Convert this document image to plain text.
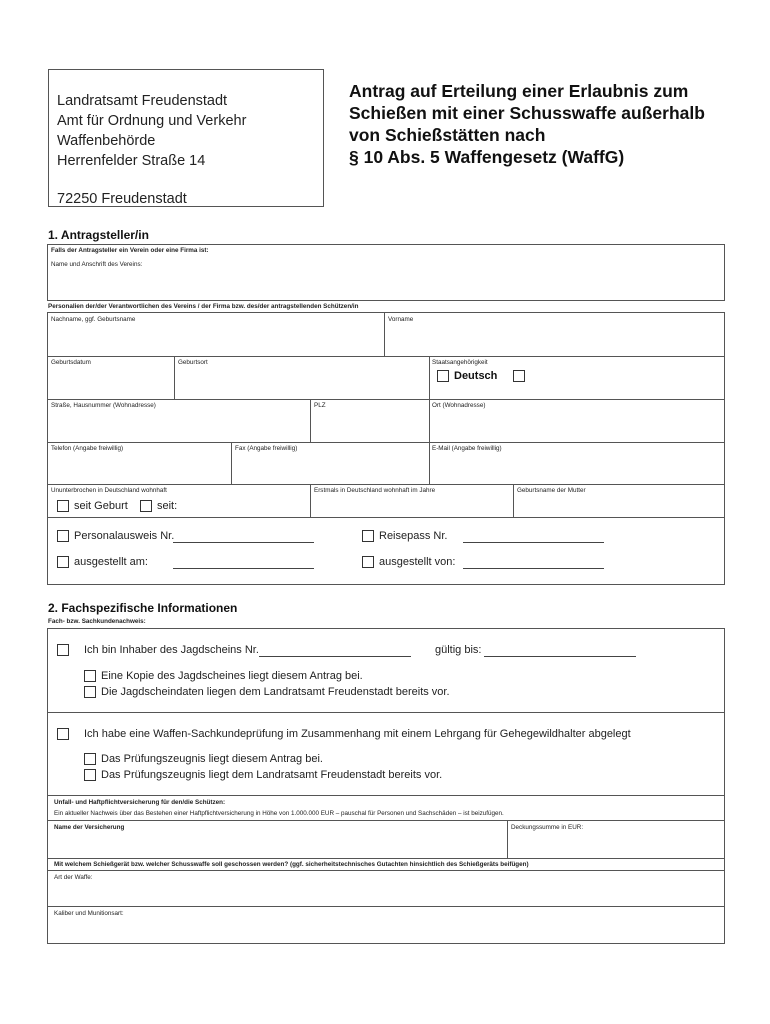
Landratsamt Freudenstadt
Amt für Ordnung und Verkehr
Waffenbehörde
Herrenfelder Straße 14
72250 Freudenstadt
Antrag auf Erteilung einer Erlaubnis zum
Schießen mit einer Schusswaffe außerhalb
von Schießstätten nach
§ 10 Abs. 5 Waffengesetz (WaffG)
1. Antragsteller/in
Falls der Antragsteller ein Verein oder eine Firma ist:
Name und Anschrift des Vereins:
Personalien der/der Verantwortlichen des Vereins / der Firma bzw. des/der antragstellenden Schützen/in
Nachname, ggf. Geburtsname	Vorname
Geburtsdatum	Geburtsort	Staatsangehörigkeit
Deutsch
Straße, Hausnummer (Wohnadresse)	PLZ	Ort (Wohnadresse)
Telefon (Angabe freiwillig)	Fax (Angabe freiwillig)	E-Mail (Angabe freiwillig)
Ununterbrochen in Deutschland wohnhaft
seit Geburt	seit:
Erstmals in Deutschland wohnhaft im Jahre	Geburtsname der Mutter
Personalausweis Nr.	Reisepass Nr.
ausgestellt am:	ausgestellt von:
2. Fachspezifische Informationen
Fach- bzw. Sachkundenachweis:
Ich bin Inhaber des Jagdscheins Nr.	gültig bis:
Eine Kopie des Jagdscheines liegt diesem Antrag bei.
Die Jagdscheindaten liegen dem Landratsamt Freudenstadt bereits vor.
Ich habe eine Waffen-Sachkundeprüfung im Zusammenhang mit einem Lehrgang für Gehegewildhalter abgelegt
Das Prüfungszeugnis liegt diesem Antrag bei.
Das Prüfungszeugnis liegt dem Landratsamt Freudenstadt bereits vor.
Unfall- und Haftpflichtversicherung für den/die Schützen:
Ein aktueller Nachweis über das Bestehen einer Haftpflichtversicherung in Höhe von 1.000.000 EUR – pauschal für Personen und Sachschäden – ist beizufügen.
Name der Versicherung	Deckungssumme in EUR:
Mit welchem Schießgerät bzw. welcher Schusswaffe soll geschossen werden? (ggf. sicherheitstechnisches Gutachten hinsichtlich des Schießgeräts beifügen)
Art der Waffe:
Kaliber und Munitionsart:
